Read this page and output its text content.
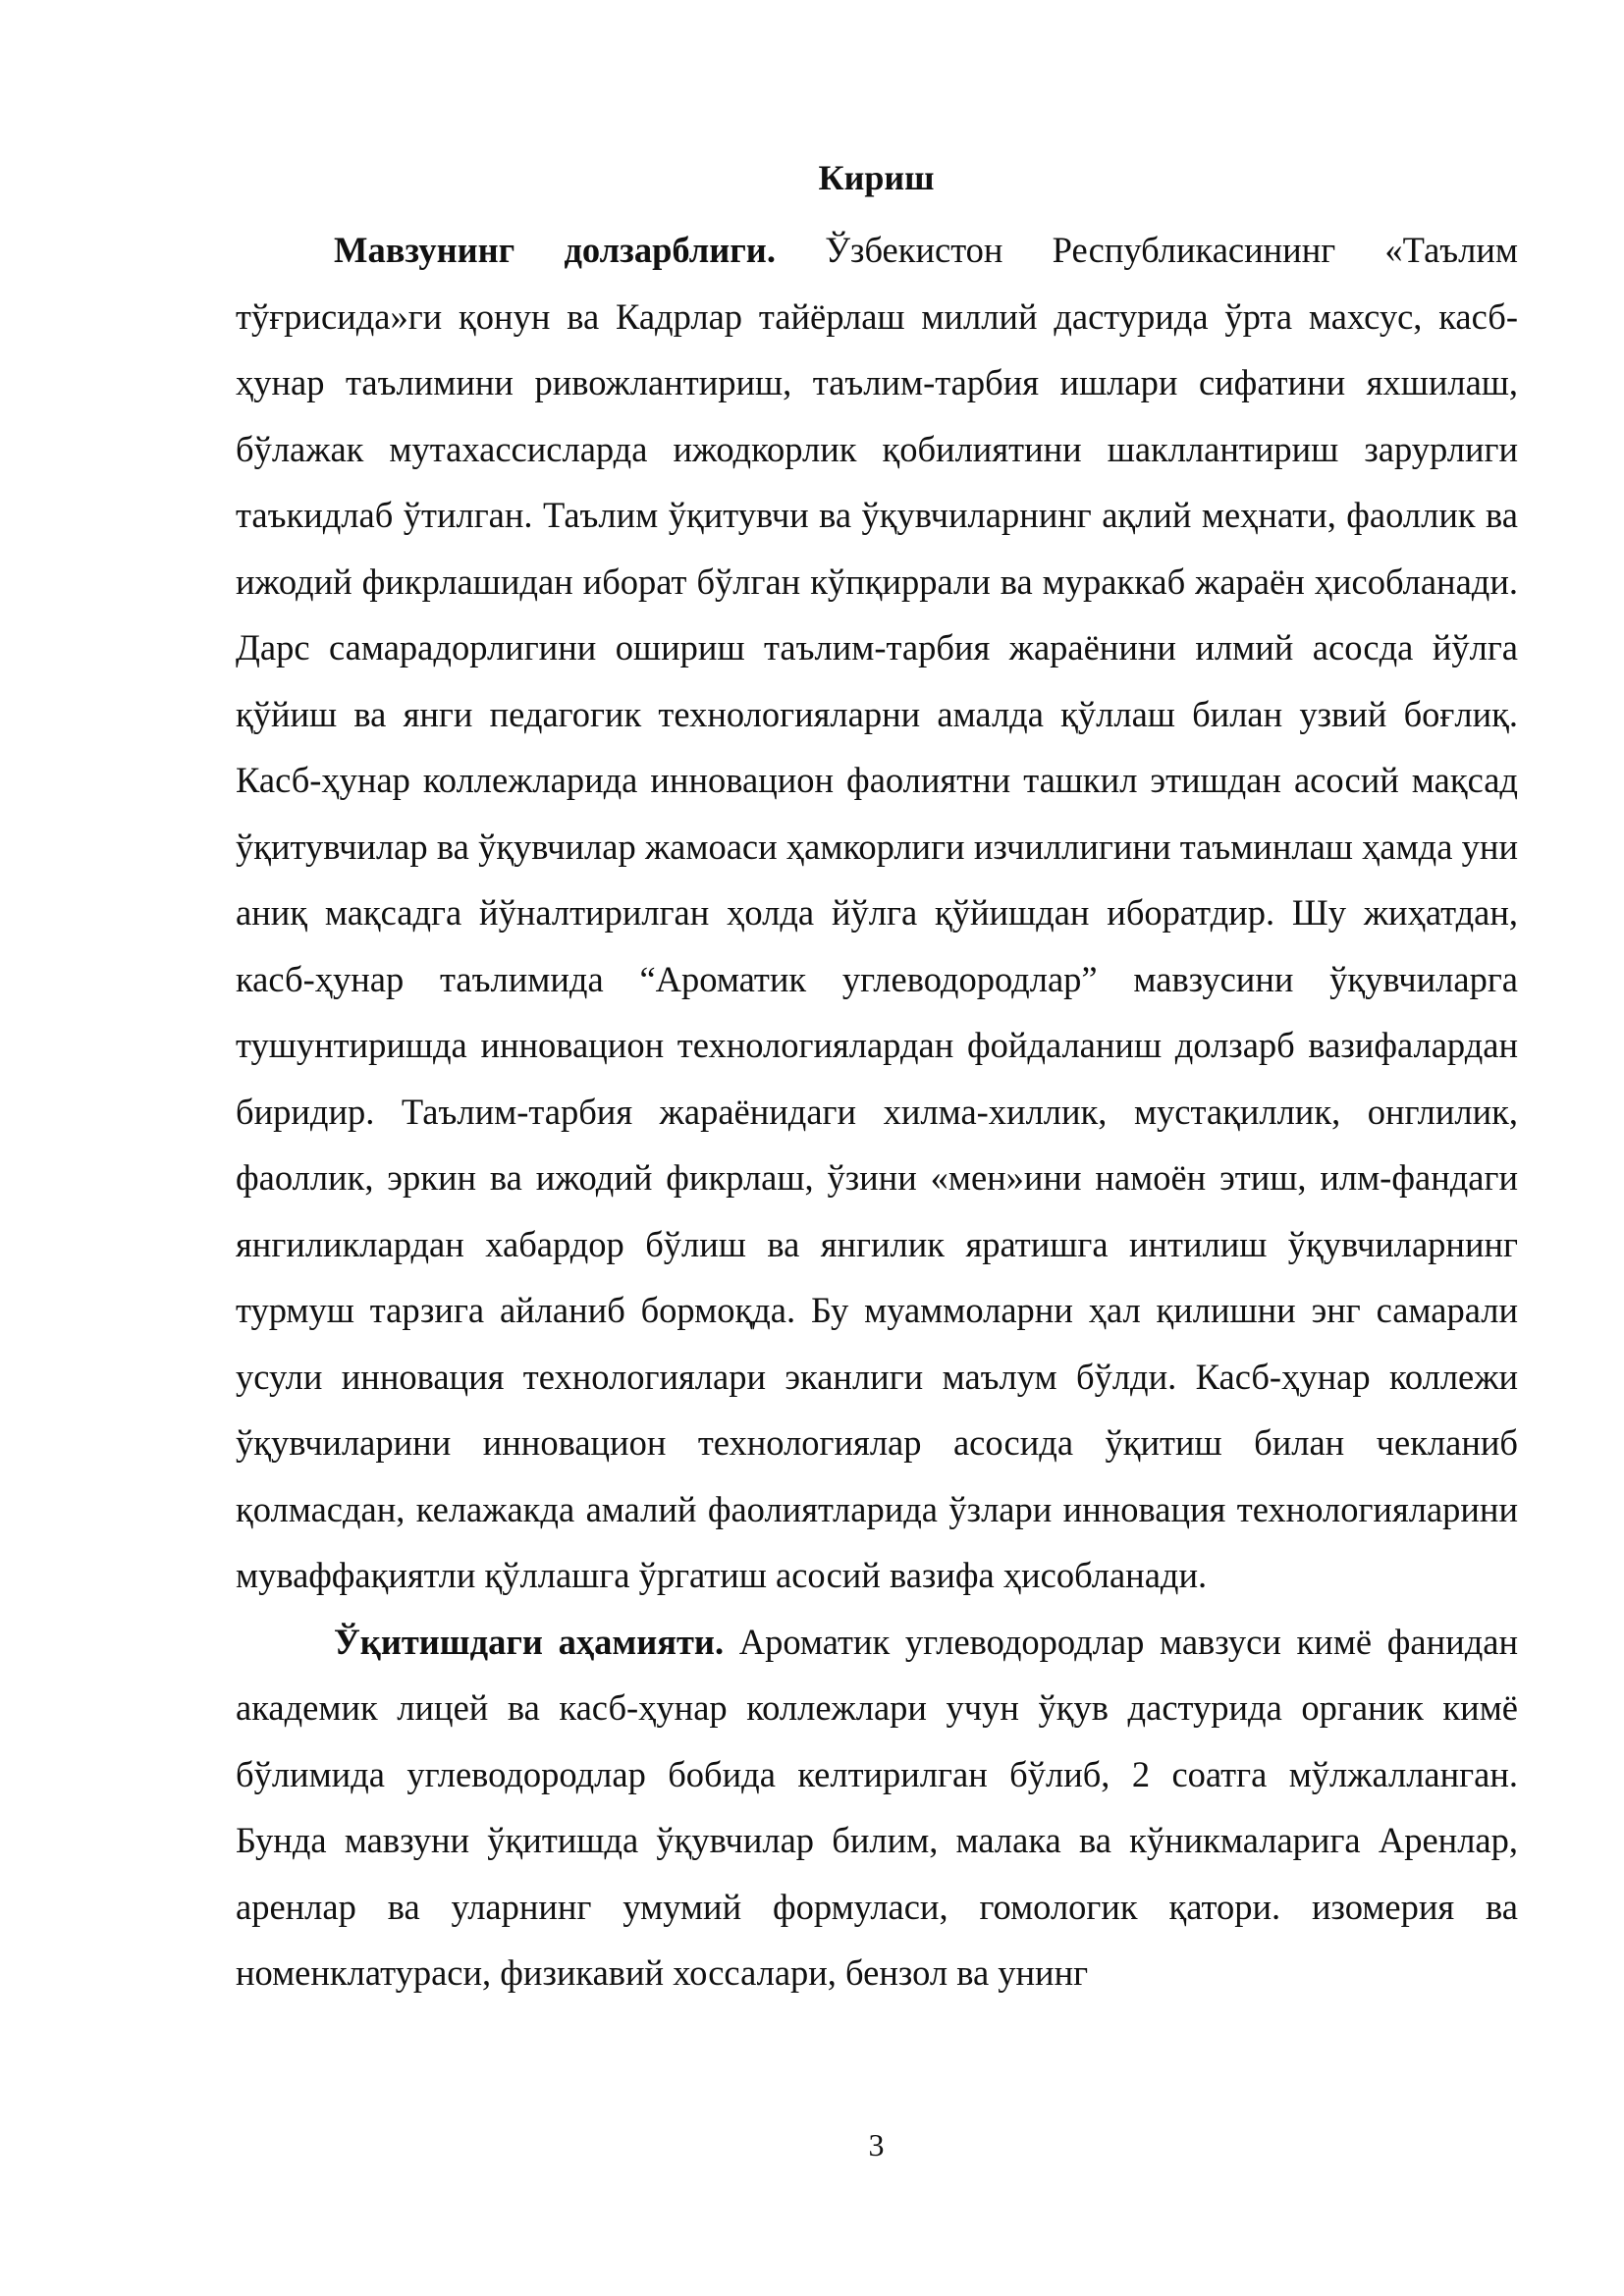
Кириш

Мавзунинг долзарблиги. Ўзбекистон Республикасининг «Таълим тўғрисида»ги қонун ва Кадрлар тайёрлаш миллий дастурида ўрта махсус, касб-ҳунар таълимини ривожлантириш, таълим-тарбия ишлари сифатини яхшилаш, бўлажак мутахассисларда ижодкорлик қобилиятини шакллантириш зарурлиги таъкидлаб ўтилган. Таълим ўқитувчи ва ўқувчиларнинг ақлий меҳнати, фаоллик ва ижодий фикрлашидан иборат бўлган кўпқиррали ва мураккаб жараён ҳисобланади. Дарс самарадорлигини ошириш таълим-тарбия жараёнини илмий асосда йўлга қўйиш ва янги педагогик технологияларни амалда қўллаш билан узвий боғлиқ. Касб-ҳунар коллежларида инновацион фаолиятни ташкил этишдан асосий мақсад ўқитувчилар ва ўқувчилар жамоаси ҳамкорлиги изчиллигини таъминлаш ҳамда уни аниқ мақсадга йўналтирилган ҳолда йўлга қўйишдан иборатдир. Шу жиҳатдан, касб-ҳунар таълимида “Ароматик углеводородлар” мавзусини ўқувчиларга тушунтиришда инновацион технологиялардан фойдаланиш долзарб вазифалардан биридир. Таълим-тарбия жараёнидаги хилма-хиллик, мустақиллик, онглилик, фаоллик, эркин ва ижодий фикрлаш, ўзини «мен»ини намоён этиш, илм-фандаги янгиликлардан хабардор бўлиш ва янгилик яратишга интилиш ўқувчиларнинг турмуш тарзига айланиб бормоқда. Бу муаммоларни ҳал қилишни энг самарали усули инновация технологиялари эканлиги маълум бўлди. Касб-ҳунар коллежи ўқувчиларини инновацион технологиялар асосида ўқитиш билан чекланиб қолмасдан, келажакда амалий фаолиятларида ўзлари инновация технологияларини муваффақиятли қўллашга ўргатиш асосий вазифа ҳисобланади.

Ўқитишдаги аҳамияти. Ароматик углеводородлар мавзуси кимё фанидан академик лицей ва касб-ҳунар коллежлари учун ўқув дастурида органик кимё бўлимида углеводородлар бобида келтирилган бўлиб, 2 соатга мўлжалланган. Бунда мавзуни ўқитишда ўқувчилар билим, малака ва кўникмаларига Аренлар, аренлар ва уларнинг умумий формуласи, гомологик қатори. изомерия ва номенклатураси, физикавий хоссалари, бензол ва унинг

3
